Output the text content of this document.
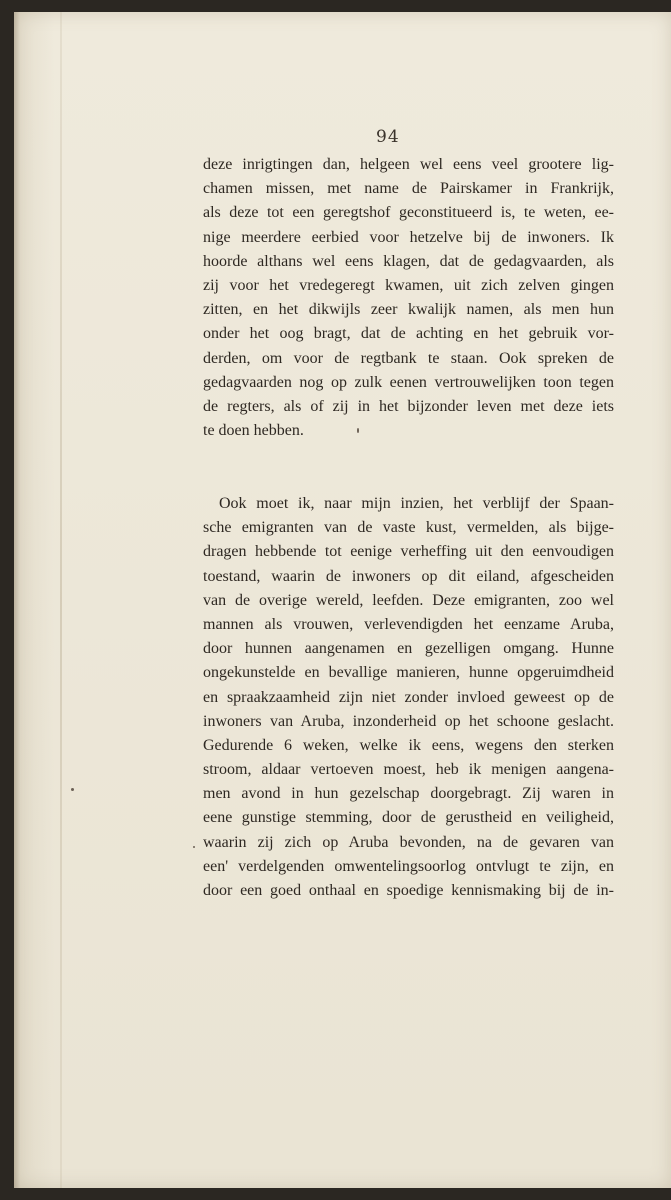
94
deze inrigtingen dan, helgeen wel eens veel grootere lig-
chamen missen, met name de Pairskamer in Frankrijk,
als deze tot een geregtshof geconstitueerd is, te weten, ee-
nige meerdere eerbied voor hetzelve bij de inwoners. Ik
hoorde althans wel eens klagen, dat de gedagvaarden, als
zij voor het vredegeregt kwamen, uit zich zelven gingen
zitten, en het dikwijls zeer kwalijk namen, als men hun
onder het oog bragt, dat de achting en het gebruik vor-
derden, om voor de regtbank te staan. Ook spreken de
gedagvaarden nog op zulk eenen vertrouwelijken toon tegen
de regters, als of zij in het bijzonder leven met deze iets
te doen hebben.
Ook moet ik, naar mijn inzien, het verblijf der Spaan-
sche emigranten van de vaste kust, vermelden, als bijge-
dragen hebbende tot eenige verheffing uit den eenvoudigen
toestand, waarin de inwoners op dit eiland, afgescheiden
van de overige wereld, leefden. Deze emigranten, zoo wel
mannen als vrouwen, verlevendigden het eenzame Aruba,
door hunnen aangenamen en gezelligen omgang. Hunne
ongekunstelde en bevallige manieren, hunne opgeruimdheid
en spraakzaamheid zijn niet zonder invloed geweest op de
inwoners van Aruba, inzonderheid op het schoone geslacht.
Gedurende 6 weken, welke ik eens, wegens den sterken
stroom, aldaar vertoeven moest, heb ik menigen aangena-
men avond in hun gezelschap doorgebragt. Zij waren in
eene gunstige stemming, door de gerustheid en veiligheid,
waarin zij zich op Aruba bevonden, na de gevaren van
een' verdelgenden omwentelingsoorlog ontvlugt te zijn, en
door een goed onthaal en spoedige kennismaking bij de in-
